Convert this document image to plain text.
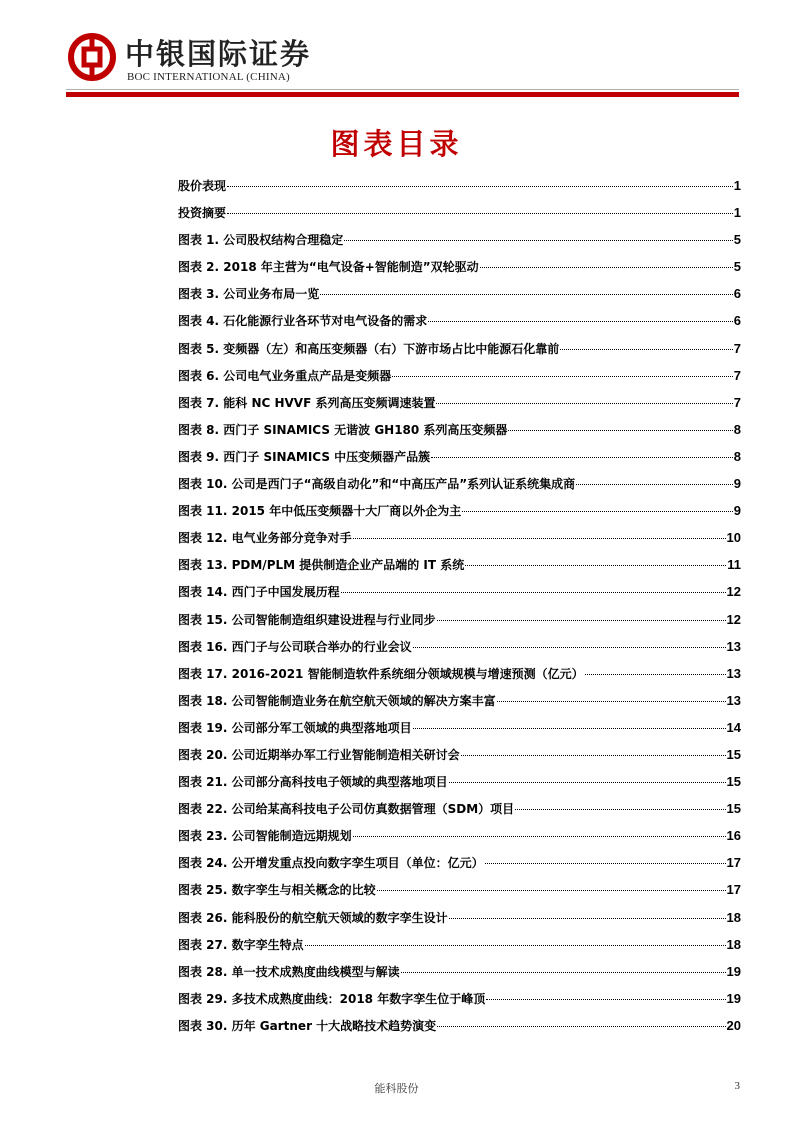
中银国际证券
BOC INTERNATIONAL (CHINA)
图表目录
股价表现	1
投资摘要	1
图表 1. 公司股权结构合理稳定	5
图表 2. 2018 年主营为“电气设备+智能制造”双轮驱动	5
图表 3. 公司业务布局一览	6
图表 4. 石化能源行业各环节对电气设备的需求	6
图表 5. 变频器（左）和高压变频器（右）下游市场占比中能源石化靠前	7
图表 6. 公司电气业务重点产品是变频器	7
图表 7. 能科 NC HVVF 系列高压变频调速装置	7
图表 8. 西门子 SINAMICS 无谐波 GH180 系列高压变频器	8
图表 9. 西门子 SINAMICS 中压变频器产品簇	8
图表 10. 公司是西门子“高级自动化”和“中高压产品”系列认证系统集成商	9
图表 11. 2015 年中低压变频器十大厂商以外企为主	9
图表 12. 电气业务部分竞争对手	10
图表 13. PDM/PLM 提供制造企业产品端的 IT 系统	11
图表 14. 西门子中国发展历程	12
图表 15. 公司智能制造组织建设进程与行业同步	12
图表 16. 西门子与公司联合举办的行业会议	13
图表 17. 2016-2021 智能制造软件系统细分领域规模与增速预测（亿元）	13
图表 18. 公司智能制造业务在航空航天领域的解决方案丰富	13
图表 19. 公司部分军工领域的典型落地项目	14
图表 20. 公司近期举办军工行业智能制造相关研讨会	15
图表 21. 公司部分高科技电子领域的典型落地项目	15
图表 22. 公司给某高科技电子公司仿真数据管理（SDM）项目	15
图表 23. 公司智能制造远期规划	16
图表 24. 公开增发重点投向数字孪生项目（单位：亿元）	17
图表 25. 数字孪生与相关概念的比较	17
图表 26. 能科股份的航空航天领域的数字孪生设计	18
图表 27. 数字孪生特点	18
图表 28. 单一技术成熟度曲线模型与解读	19
图表 29. 多技术成熟度曲线：2018 年数字孪生位于峰顶	19
图表 30. 历年 Gartner 十大战略技术趋势演变	20
能科股份	3
